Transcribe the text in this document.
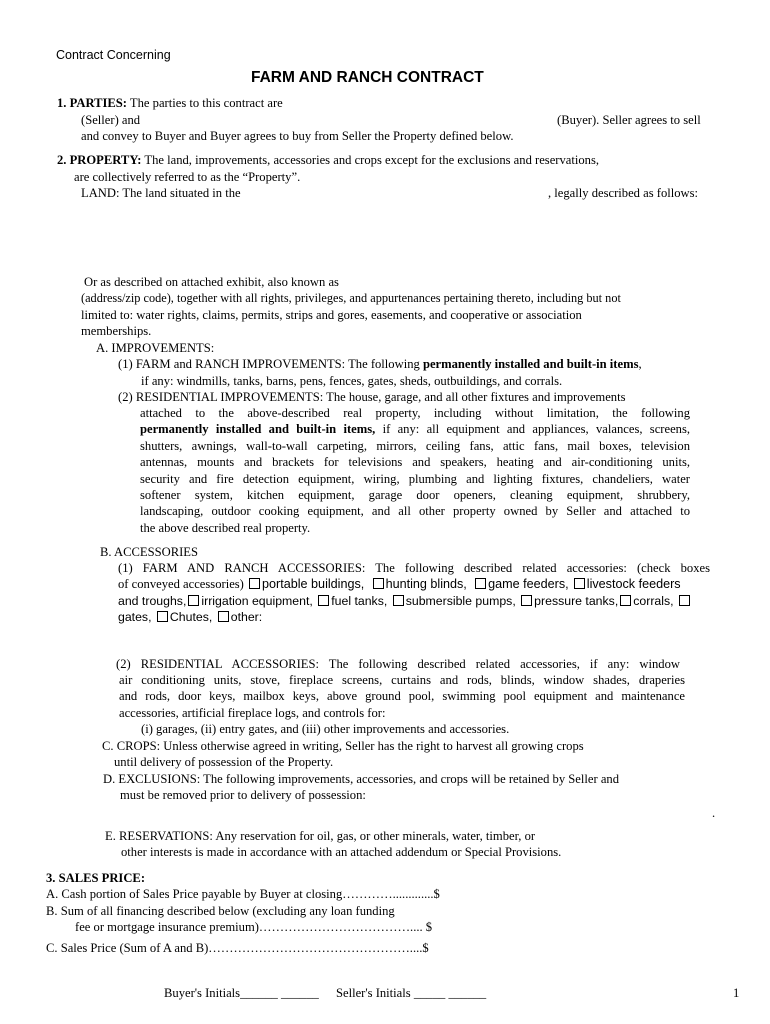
Contract Concerning
FARM AND RANCH CONTRACT
1. PARTIES: The parties to this contract are
(Seller) and	(Buyer). Seller agrees to sell
and convey to Buyer and Buyer agrees to buy from Seller the Property defined below.
2. PROPERTY: The land, improvements, accessories and crops except for the exclusions and reservations,
are collectively referred to as the “Property”.
LAND: The land situated in the	, legally described as follows:
Or as described on attached exhibit, also known as
(address/zip code), together with all rights, privileges, and appurtenances pertaining thereto, including but not
limited to: water rights, claims, permits, strips and gores, easements, and cooperative or association
memberships.
A. IMPROVEMENTS:
(1) FARM and RANCH IMPROVEMENTS: The following permanently installed and built-in items,
if any: windmills, tanks, barns, pens, fences, gates, sheds, outbuildings, and corrals.
(2) RESIDENTIAL IMPROVEMENTS: The house, garage, and all other fixtures and improvements
attached to the above-described real property, including without limitation, the following
permanently installed and built-in items, if any: all equipment and appliances, valances, screens,
shutters, awnings, wall-to-wall carpeting, mirrors, ceiling fans, attic fans, mail boxes, television
antennas, mounts and brackets for televisions and speakers, heating and air-conditioning units,
security and fire detection equipment, wiring, plumbing and lighting fixtures, chandeliers, water
softener system, kitchen equipment, garage door openers, cleaning equipment, shrubbery,
landscaping, outdoor cooking equipment, and all other property owned by Seller and attached to
the above described real property.
B. ACCESSORIES
(1) FARM AND RANCH ACCESSORIES: The following described related accessories: (check boxes
of conveyed accessories) portable buildings, hunting blinds, game feeders, livestock feeders
and troughs, irrigation equipment, fuel tanks, submersible pumps, pressure tanks, corrals,
gates, Chutes, other:
(2) RESIDENTIAL ACCESSORIES: The following described related accessories, if any: window
air conditioning units, stove, fireplace screens, curtains and rods, blinds, window shades, draperies
and rods, door keys, mailbox keys, above ground pool, swimming pool equipment and maintenance
accessories, artificial fireplace logs, and controls for:
(i) garages, (ii) entry gates, and (iii) other improvements and accessories.
C. CROPS: Unless otherwise agreed in writing, Seller has the right to harvest all growing crops
until delivery of possession of the Property.
D. EXCLUSIONS: The following improvements, accessories, and crops will be retained by Seller and
must be removed prior to delivery of possession:
.
E. RESERVATIONS: Any reservation for oil, gas, or other minerals, water, timber, or
other interests is made in accordance with an attached addendum or Special Provisions.
3. SALES PRICE:
A. Cash portion of Sales Price payable by Buyer at closing………….............$
B. Sum of all financing described below (excluding any loan funding
fee or mortgage insurance premium)……………………………….... $
C. Sales Price (Sum of A and B)…………………………………………....$
Buyer's Initials______ ______ Seller's Initials _____ ______	1
